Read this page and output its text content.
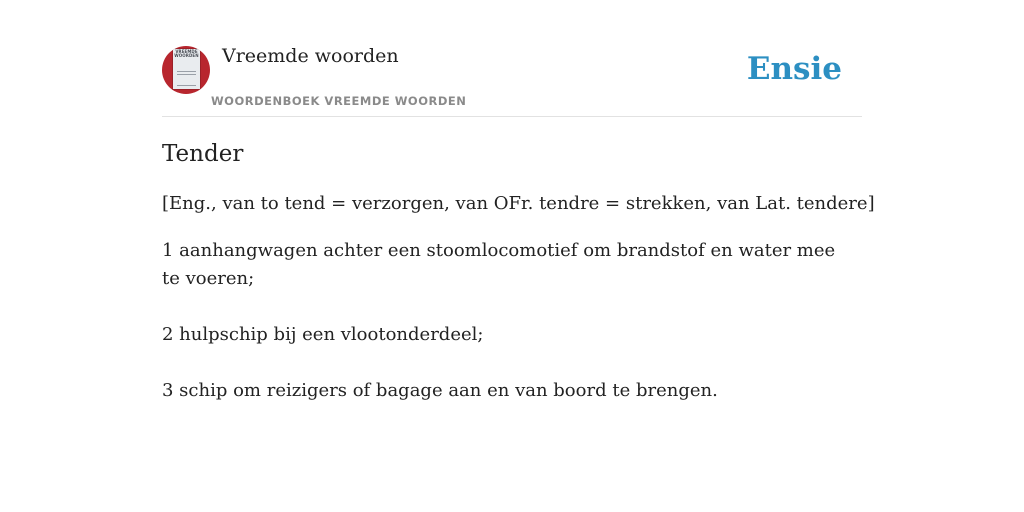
VREEMDE WOORDEN Vreemde woorden
WOORDENBOEK VREEMDE WOORDEN
Ensie
Tender

[Eng., van to tend = verzorgen, van OFr. tendre = strekken, van Lat. tendere]

1 aanhangwagen achter een stoomlocomotief om brandstof en water mee te voeren;

2 hulpschip bij een vlootonderdeel;

3 schip om reizigers of bagage aan en van boord te brengen.
